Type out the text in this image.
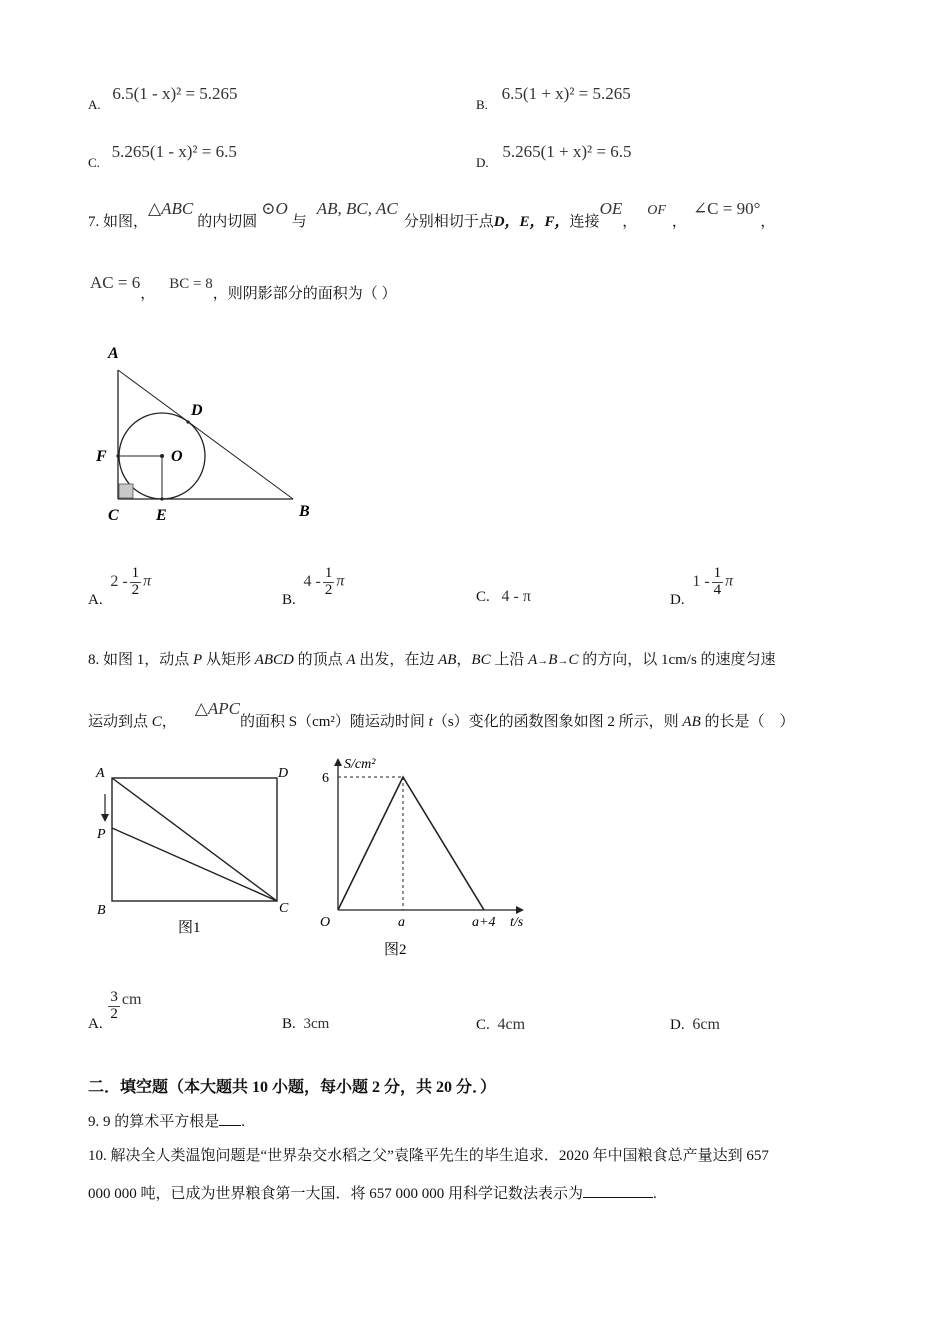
A. 6.5(1 - x)² = 5.265
B. 6.5(1 + x)² = 5.265
C. 5.265(1 - x)² = 6.5
D. 5.265(1 + x)² = 6.5
7. 如图，△ABC的内切圆⊙O与AB, BC, AC分别相切于点D，E，F，连接OE，OF，∠C = 90°，
AC = 6，BC = 8，则阴影部分的面积为（ ）
A
D
F	O
C E	B
A. $2 - \frac{1}{2}$ π
B. $4 - \frac{1}{2}$ π
C. 4 - π	D. $1 - \frac{1}{4}$ π
8. 如图 1，动点 P 从矩形 ABCD 的顶点 A 出发，在边 AB，BC 上沿 A→B→C 的方向，以 1cm/s 的速度匀速
运动到点 C，△APC的面积 S（cm²）随运动时间 t（s）变化的函数图象如图 2 所示，则 AB 的长是（　）
A	D
P
B	C
图1
S/cm²
6
O	a	a+4 t/s
图2
A.
$\frac{3}{2}$ cm
B. 3cm	C. 4cm	D. 6cm
二．填空题（本大题共 10 小题，每小题 2 分，共 20 分．）
9. 9 的算术平方根是 .
10. 解决全人类温饱问题是“世界杂交水稻之父”袁隆平先生的毕生追求．2020 年中国粮食总产量达到 657
000 000 吨，已成为世界粮食第一大国．将 657 000 000 用科学记数法表示为	.
